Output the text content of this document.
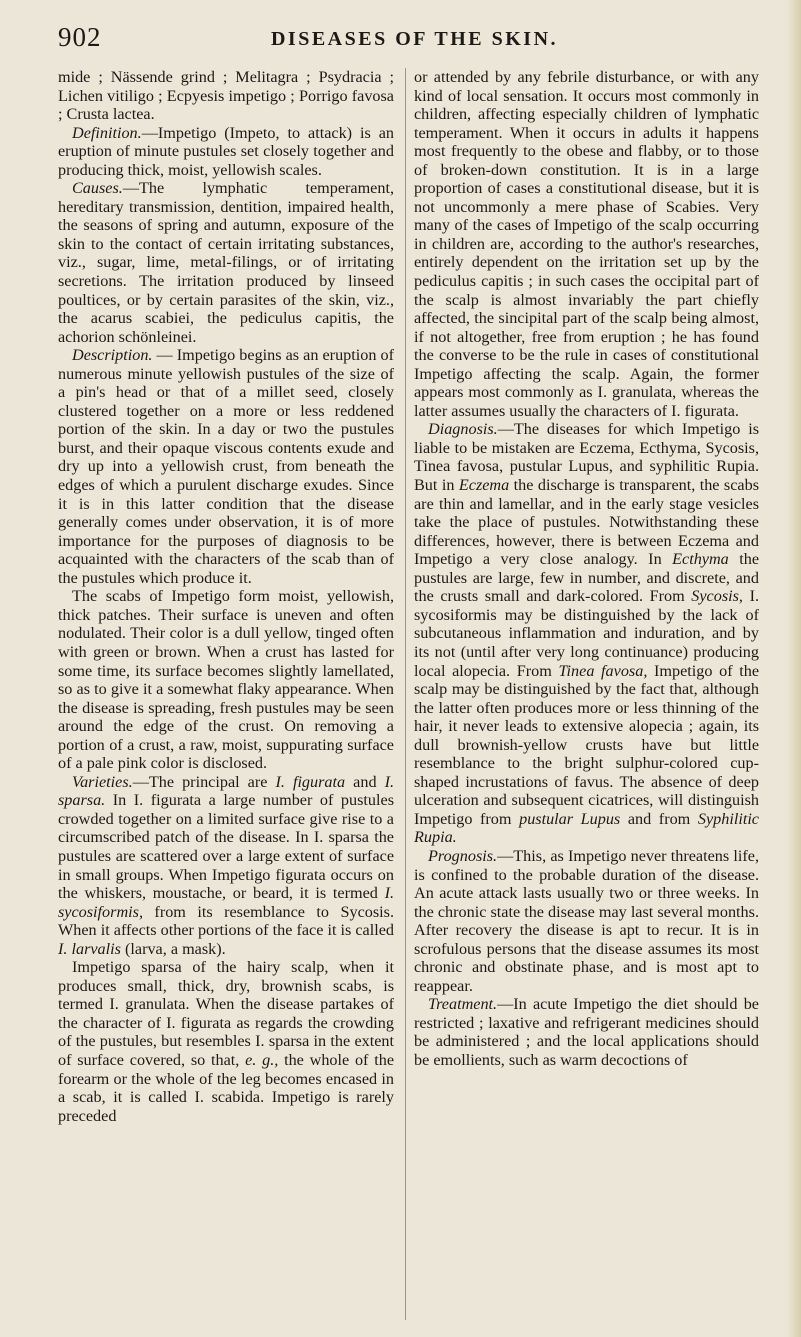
902	DISEASES OF THE SKIN.

mide ; Nässende grind ; Melitagra ; Psydracia ; Lichen vitiligo ; Ecpyesis impetigo ; Porrigo favosa ; Crusta lactea.

Definition.—Impetigo (Impeto, to attack) is an eruption of minute pustules set closely together and producing thick, moist, yellowish scales.

Causes.—The lymphatic temperament, hereditary transmission, dentition, impaired health, the seasons of spring and autumn, exposure of the skin to the contact of certain irritating substances, viz., sugar, lime, metal-filings, or of irritating secretions. The irritation produced by linseed poultices, or by certain parasites of the skin, viz., the acarus scabiei, the pediculus capitis, the achorion schönleinei.

Description. — Impetigo begins as an eruption of numerous minute yellowish pustules of the size of a pin's head or that of a millet seed, closely clustered together on a more or less reddened portion of the skin. In a day or two the pustules burst, and their opaque viscous contents exude and dry up into a yellowish crust, from beneath the edges of which a purulent discharge exudes. Since it is in this latter condition that the disease generally comes under observation, it is of more importance for the purposes of diagnosis to be acquainted with the characters of the scab than of the pustules which produce it.

The scabs of Impetigo form moist, yellowish, thick patches. Their surface is uneven and often nodulated. Their color is a dull yellow, tinged often with green or brown. When a crust has lasted for some time, its surface becomes slightly lamellated, so as to give it a somewhat flaky appearance. When the disease is spreading, fresh pustules may be seen around the edge of the crust. On removing a portion of a crust, a raw, moist, suppurating surface of a pale pink color is disclosed.

Varieties.—The principal are I. figurata and I. sparsa. In I. figurata a large number of pustules crowded together on a limited surface give rise to a circumscribed patch of the disease. In I. sparsa the pustules are scattered over a large extent of surface in small groups. When Impetigo figurata occurs on the whiskers, moustache, or beard, it is termed I. sycosiformis, from its resemblance to Sycosis. When it affects other portions of the face it is called I. larvalis (larva, a mask).

Impetigo sparsa of the hairy scalp, when it produces small, thick, dry, brownish scabs, is termed I. granulata. When the disease partakes of the character of I. figurata as regards the crowding of the pustules, but resembles I. sparsa in the extent of surface covered, so that, e. g., the whole of the forearm or the whole of the leg becomes encased in a scab, it is called I. scabida. Impetigo is rarely preceded

or attended by any febrile disturbance, or with any kind of local sensation. It occurs most commonly in children, affecting especially children of lymphatic temperament. When it occurs in adults it happens most frequently to the obese and flabby, or to those of broken-down constitution. It is in a large proportion of cases a constitutional disease, but it is not uncommonly a mere phase of Scabies. Very many of the cases of Impetigo of the scalp occurring in children are, according to the author's researches, entirely dependent on the irritation set up by the pediculus capitis ; in such cases the occipital part of the scalp is almost invariably the part chiefly affected, the sincipital part of the scalp being almost, if not altogether, free from eruption ; he has found the converse to be the rule in cases of constitutional Impetigo affecting the scalp. Again, the former appears most commonly as I. granulata, whereas the latter assumes usually the characters of I. figurata.

Diagnosis.—The diseases for which Impetigo is liable to be mistaken are Eczema, Ecthyma, Sycosis, Tinea favosa, pustular Lupus, and syphilitic Rupia. But in Eczema the discharge is transparent, the scabs are thin and lamellar, and in the early stage vesicles take the place of pustules. Notwithstanding these differences, however, there is between Eczema and Impetigo a very close analogy. In Ecthyma the pustules are large, few in number, and discrete, and the crusts small and dark-colored. From Sycosis, I. sycosiformis may be distinguished by the lack of subcutaneous inflammation and induration, and by its not (until after very long continuance) producing local alopecia. From Tinea favosa, Impetigo of the scalp may be distinguished by the fact that, although the latter often produces more or less thinning of the hair, it never leads to extensive alopecia ; again, its dull brownish-yellow crusts have but little resemblance to the bright sulphur-colored cup-shaped incrustations of favus. The absence of deep ulceration and subsequent cicatrices, will distinguish Impetigo from pustular Lupus and from Syphilitic Rupia.

Prognosis.—This, as Impetigo never threatens life, is confined to the probable duration of the disease. An acute attack lasts usually two or three weeks. In the chronic state the disease may last several months. After recovery the disease is apt to recur. It is in scrofulous persons that the disease assumes its most chronic and obstinate phase, and is most apt to reappear.

Treatment.—In acute Impetigo the diet should be restricted ; laxative and refrigerant medicines should be administered ; and the local applications should be emollients, such as warm decoctions of
